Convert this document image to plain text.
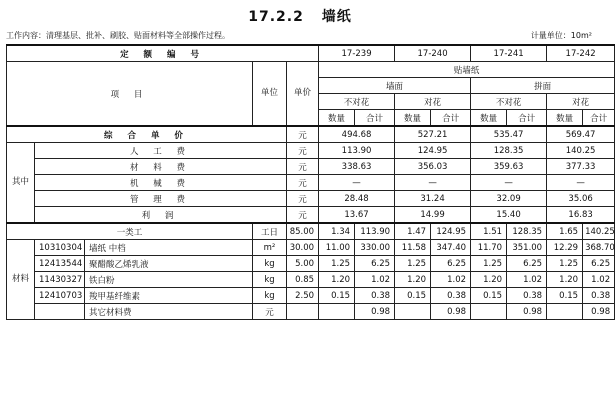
17.2.2 墙纸
工作内容：清理基层、批补、刷胶、贴面材料等全部操作过程。	计量单位：10m²
定 额 编 号					17-239		17-240		17-241		17-242	
项 目			单位	单价	贴墙纸							
					墙面				拼面			
					不对花		对花		不对花		对花	
					数量	合计	数量	合计	数量	合计	数量	合计
综 合 单 价				元	494.68		527.21		535.47		569.47	
其中	人 工 费			元	113.90		124.95		128.35		140.25	
	材 料 费			元	338.63		356.03		359.63		377.33	
	机 械 费			元	—		—		—		—	
	管 理 费			元	28.48		31.24		32.09		35.06	
	利 润			元	13.67		14.99		15.40		16.83	
一类工			工日	85.00	1.34	113.90	1.47	124.95	1.51	128.35	1.65	140.25
材料	10310304	墙纸 中档	m²	30.00	11.00	330.00	11.58	347.40	11.70	351.00	12.29	368.70
	12413544	聚醋酸乙烯乳液	kg	5.00	1.25	6.25	1.25	6.25	1.25	6.25	1.25	6.25
	11430327	铁白粉	kg	0.85	1.20	1.02	1.20	1.02	1.20	1.02	1.20	1.02
	12410703	羧甲基纤维素	kg	2.50	0.15	0.38	0.15	0.38	0.15	0.38	0.15	0.38
		其它材料费	元			0.98		0.98		0.98		0.98
